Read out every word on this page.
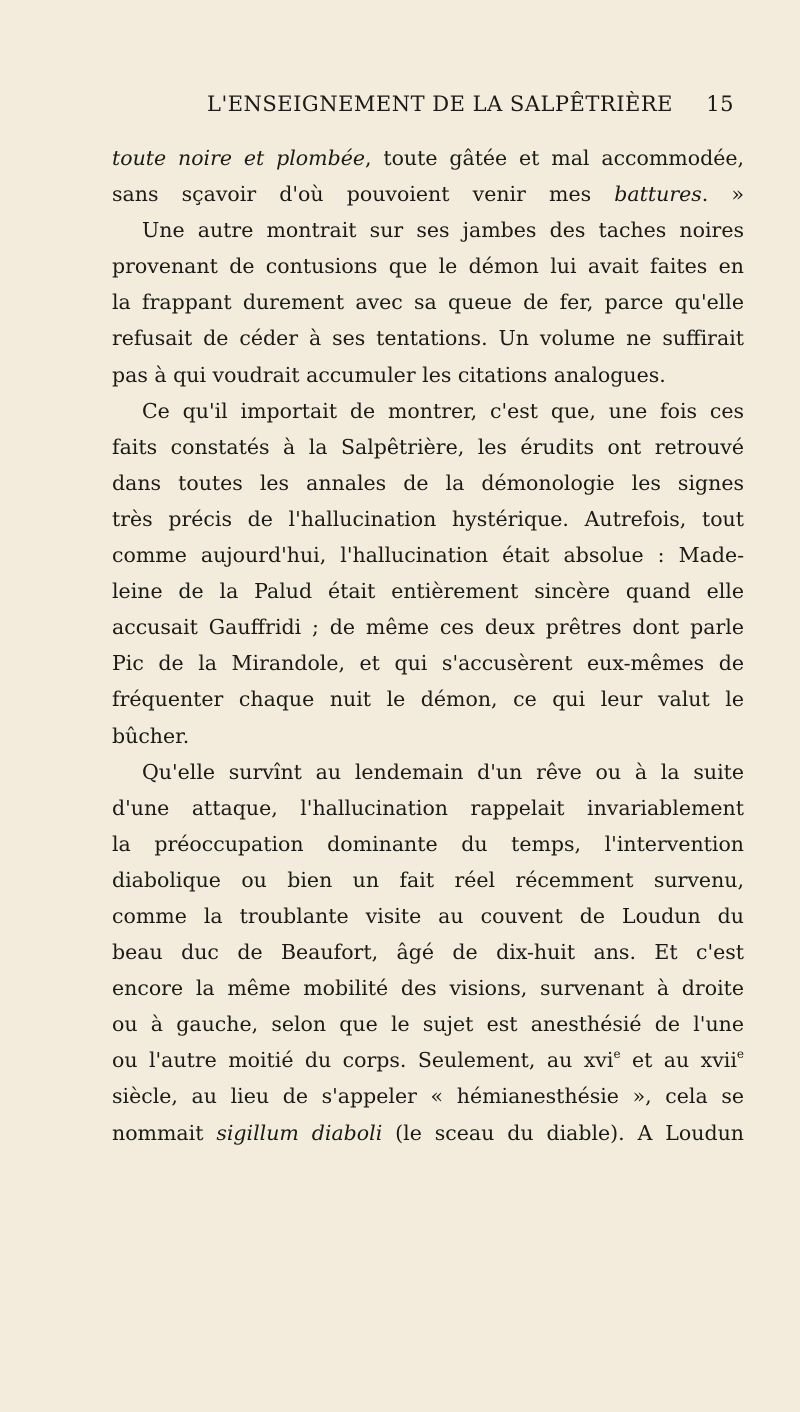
L'ENSEIGNEMENT DE LA SALPÊTRIÈRE 15
toute noire et plombée, toute gâtée et mal accommodée,
sans sçavoir d'où pouvoient venir mes battures. »
Une autre montrait sur ses jambes des taches noires
provenant de contusions que le démon lui avait faites en
la frappant durement avec sa queue de fer, parce qu'elle
refusait de céder à ses tentations. Un volume ne suffirait
pas à qui voudrait accumuler les citations analogues.
Ce qu'il importait de montrer, c'est que, une fois ces
faits constatés à la Salpêtrière, les érudits ont retrouvé
dans toutes les annales de la démonologie les signes
très précis de l'hallucination hystérique. Autrefois, tout
comme aujourd'hui, l'hallucination était absolue : Made-
leine de la Palud était entièrement sincère quand elle
accusait Gauffridi ; de même ces deux prêtres dont parle
Pic de la Mirandole, et qui s'accusèrent eux-mêmes de
fréquenter chaque nuit le démon, ce qui leur valut le
bûcher.
Qu'elle survînt au lendemain d'un rêve ou à la suite
d'une attaque, l'hallucination rappelait invariablement
la préoccupation dominante du temps, l'intervention
diabolique ou bien un fait réel récemment survenu,
comme la troublante visite au couvent de Loudun du
beau duc de Beaufort, âgé de dix-huit ans. Et c'est
encore la même mobilité des visions, survenant à droite
ou à gauche, selon que le sujet est anesthésié de l'une
ou l'autre moitié du corps. Seulement, au xvi$^e$ et au xvii$^e$
siècle, au lieu de s'appeler « hémianesthésie », cela se
nommait sigillum diaboli (le sceau du diable). A Loudun
